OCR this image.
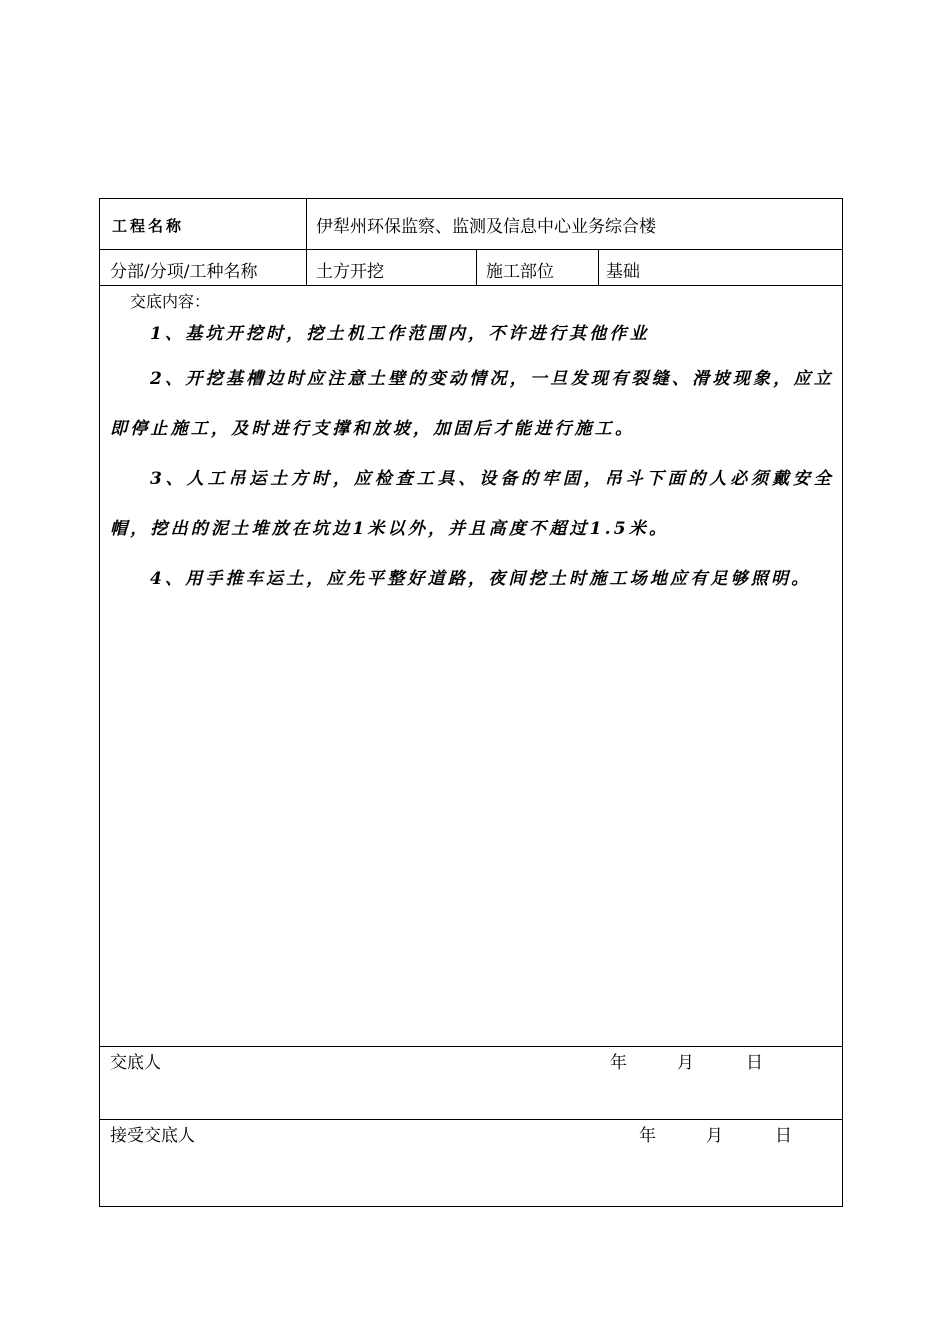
工程名称	伊犁州环保监察、监测及信息中心业务综合楼
分部/分项/工种名称	土方开挖	施工部位	基础
交底内容：

1、基坑开挖时，挖土机工作范围内，不许进行其他作业

2、开挖基槽边时应注意土壁的变动情况，一旦发现有裂缝、滑坡现象，应立即停止施工，及时进行支撑和放坡，加固后才能进行施工。

3、人工吊运土方时，应检查工具、设备的牢固，吊斗下面的人必须戴安全帽，挖出的泥土堆放在坑边1米以外，并且高度不超过1.5米。

4、用手推车运土，应先平整好道路，夜间挖土时施工场地应有足够照明。

交底人	年	月	日
接受交底人	年	月	日
